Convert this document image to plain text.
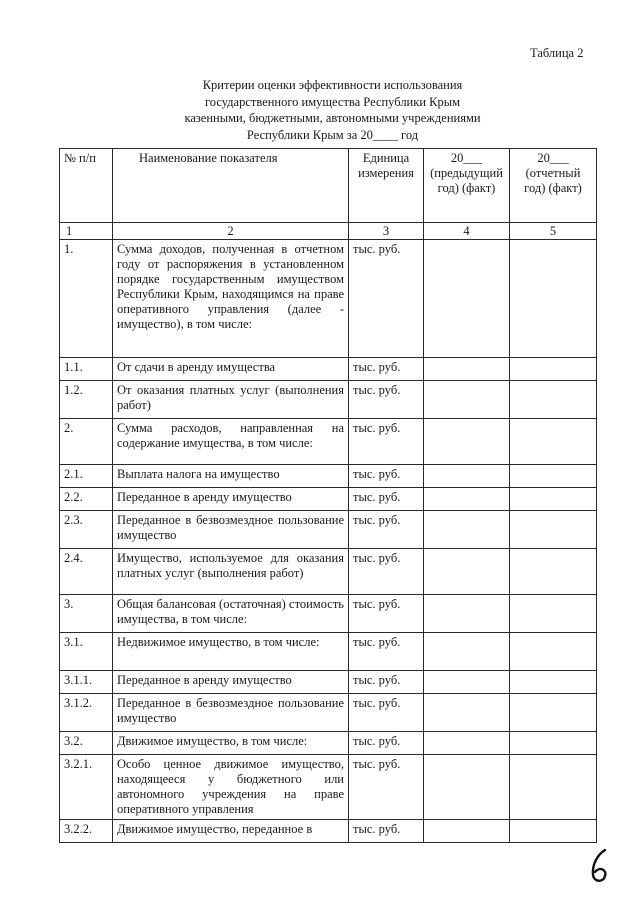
Таблица 2
Критерии оценки эффективности использования
государственного имущества Республики Крым
казенными, бюджетными, автономными учреждениями
Республики Крым за 20____ год
№ п/п	Наименование показателя	Единица измерения	20___ (предыдущий год) (факт)	20___ (отчетный год) (факт)

1	2	3	4	5
1.	Сумма доходов, полученная в отчетном году от распоряжения в установленном порядке государственным имуществом Республики Крым, находящимся на праве оперативного управления (далее - имущество), в том числе:	тыс. руб.		
1.1.	От сдачи в аренду имущества	тыс. руб.		
1.2.	От оказания платных услуг (выполнения работ)	тыс. руб.		
2.	Сумма расходов, направленная на содержание имущества, в том числе:	тыс. руб.		
2.1.	Выплата налога на имущество	тыс. руб.		
2.2.	Переданное в аренду имущество	тыс. руб.		
2.3.	Переданное в безвозмездное пользование имущество	тыс. руб.		
2.4.	Имущество, используемое для оказания платных услуг (выполнения работ)	тыс. руб.		
3.	Общая балансовая (остаточная) стоимость имущества, в том числе:	тыс. руб.		
3.1.	Недвижимое имущество, в том числе:	тыс. руб.		
3.1.1.	Переданное в аренду имущество	тыс. руб.		
3.1.2.	Переданное в безвозмездное пользование имущество	тыс. руб.		
3.2.	Движимое имущество, в том числе:	тыс. руб.		
3.2.1.	Особо ценное движимое имущество, находящееся у бюджетного или автономного учреждения на праве оперативного управления	тыс. руб.		
3.2.2.	Движимое имущество, переданное в	тыс. руб.		
